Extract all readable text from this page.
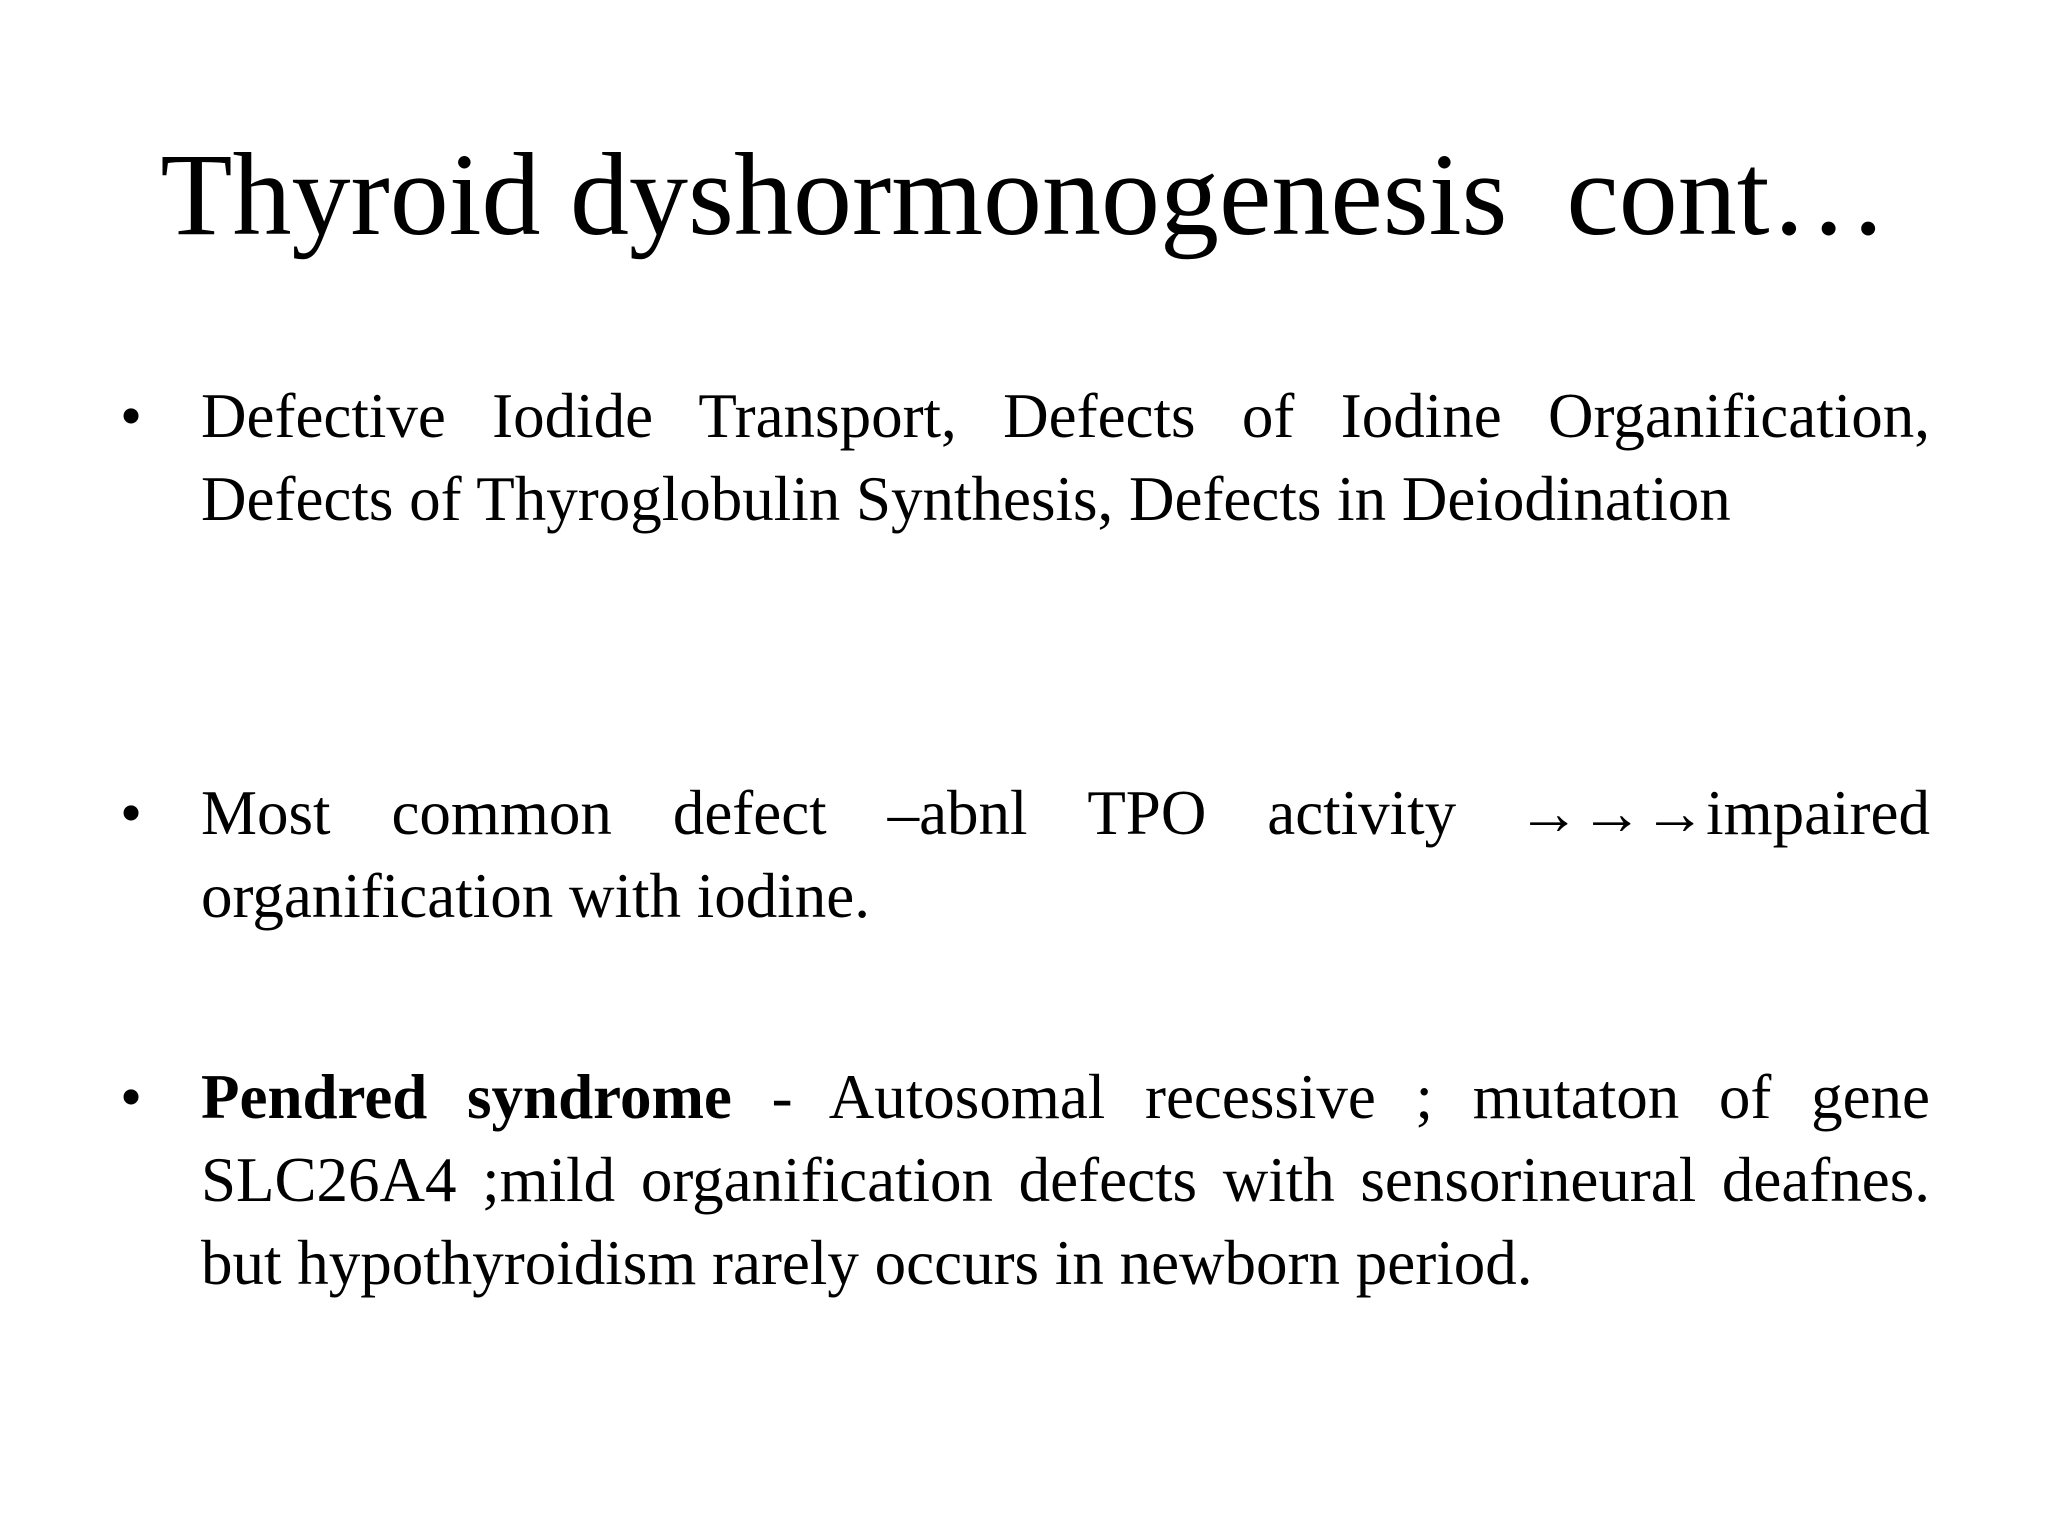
Thyroid dyshormonogenesis  cont…
• Defective Iodide Transport, Defects of Iodine Organification, Defects of Thyroglobulin Synthesis, Defects in Deiodination
• Most common defect –abnl TPO activity →→→impaired organification with iodine.
• Pendred syndrome - Autosomal recessive ; mutaton of gene SLC26A4 ;mild organification defects with sensorineural deafnes. but hypothyroidism rarely occurs in newborn period.
